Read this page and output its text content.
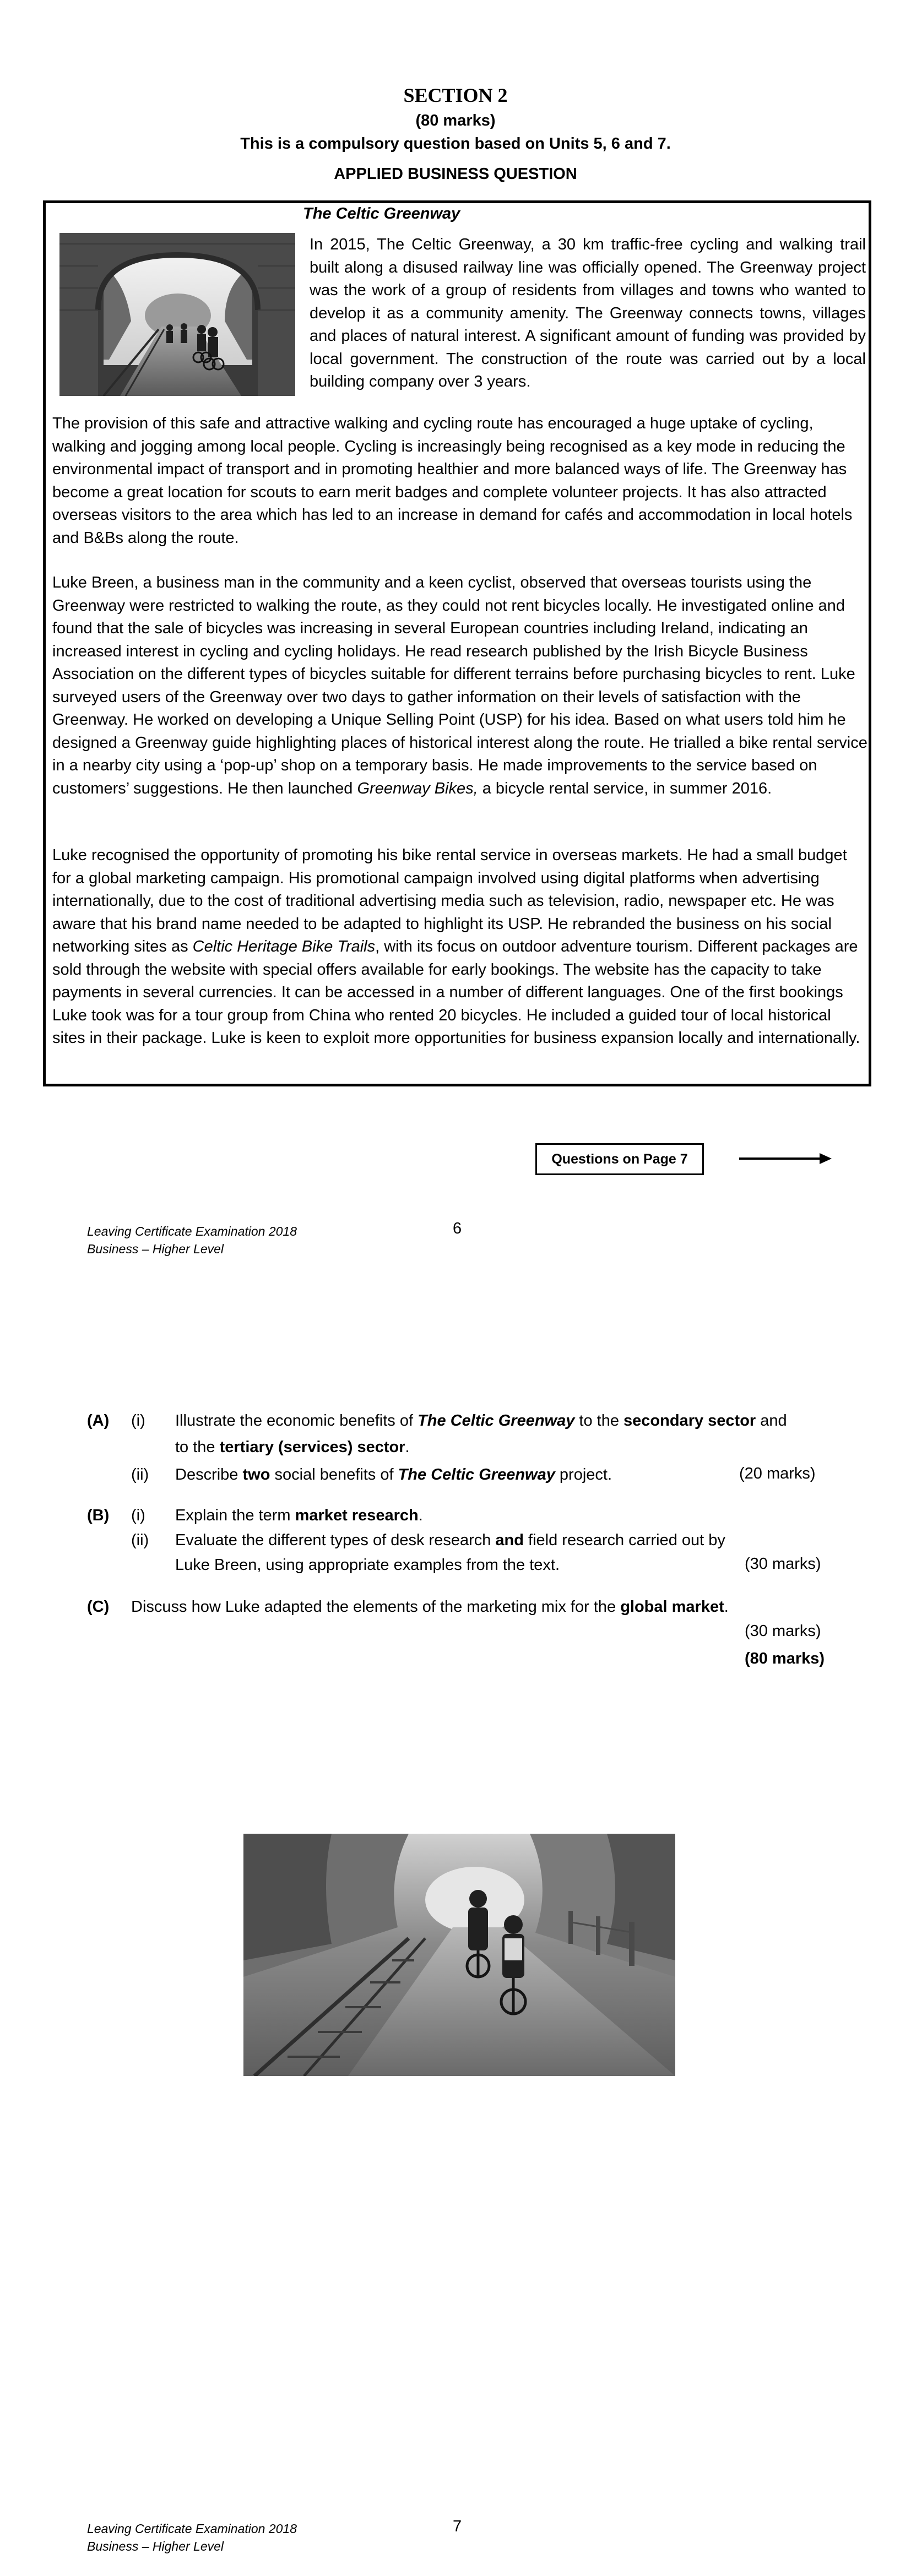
SECTION 2
(80 marks)
This is a compulsory question based on Units 5, 6 and 7.
APPLIED BUSINESS QUESTION
The Celtic Greenway
In 2015, The Celtic Greenway, a 30 km traffic-free cycling and walking trail built along a disused railway line was officially opened. The Greenway project was the work of a group of residents from villages and towns who wanted to develop it as a community amenity. The Greenway connects towns, villages and places of natural interest. A significant amount of funding was provided by local government. The construction of the route was carried out by a local building company over 3 years.
The provision of this safe and attractive walking and cycling route has encouraged a huge uptake of cycling, walking and jogging among local people. Cycling is increasingly being recognised as a key mode in reducing the environmental impact of transport and in promoting healthier and more balanced ways of life. The Greenway has become a great location for scouts to earn merit badges and complete volunteer projects. It has also attracted overseas visitors to the area which has led to an increase in demand for cafés and accommodation in local hotels and B&Bs along the route.
Luke Breen, a business man in the community and a keen cyclist, observed that overseas tourists using the Greenway were restricted to walking the route, as they could not rent bicycles locally. He investigated online and found that the sale of bicycles was increasing in several European countries including Ireland, indicating an increased interest in cycling and cycling holidays. He read research published by the Irish Bicycle Business Association on the different types of bicycles suitable for different terrains before purchasing bicycles to rent. Luke surveyed users of the Greenway over two days to gather information on their levels of satisfaction with the Greenway. He worked on developing a Unique Selling Point (USP) for his idea. Based on what users told him he designed a Greenway guide highlighting places of historical interest along the route. He trialled a bike rental service in a nearby city using a ‘pop-up’ shop on a temporary basis. He made improvements to the service based on customers’ suggestions. He then launched Greenway Bikes, a bicycle rental service, in summer 2016.
Luke recognised the opportunity of promoting his bike rental service in overseas markets. He had a small budget for a global marketing campaign. His promotional campaign involved using digital platforms when advertising internationally, due to the cost of traditional advertising media such as television, radio, newspaper etc. He was aware that his brand name needed to be adapted to highlight its USP. He rebranded the business on his social networking sites as Celtic Heritage Bike Trails, with its focus on outdoor adventure tourism. Different packages are sold through the website with special offers available for early bookings. The website has the capacity to take payments in several currencies. It can be accessed in a number of different languages. One of the first bookings Luke took was for a tour group from China who rented 20 bicycles. He included a guided tour of local historical sites in their package. Luke is keen to exploit more opportunities for business expansion locally and internationally.
Questions on Page 7
Leaving Certificate Examination 2018
Business – Higher Level
6
(A) (i) Illustrate the economic benefits of The Celtic Greenway to the secondary sector and
to the tertiary (services) sector.
(ii) Describe two social benefits of The Celtic Greenway project.	(20 marks)
(B) (i) Explain the term market research.
(ii) Evaluate the different types of desk research and field research carried out by
Luke Breen, using appropriate examples from the text.	(30 marks)
(C) Discuss how Luke adapted the elements of the marketing mix for the global market.
(30 marks)
(80 marks)
Leaving Certificate Examination 2018
Business – Higher Level
7
